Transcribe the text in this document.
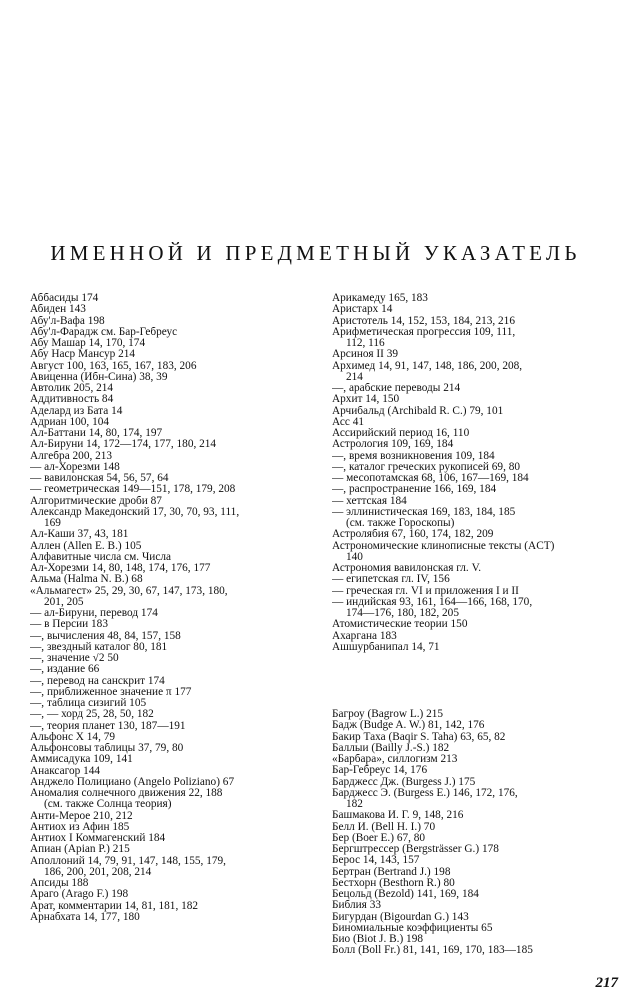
ИМЕННОЙ И ПРЕДМЕТНЫЙ УКАЗАТЕЛЬ
Аббасиды 174
Абиден 143
Абу'л-Вафа 198
Абу'л-Фарадж см. Бар-Гебреус
Абу Машар 14, 170, 174
Абу Наср Мансур 214
Август 100, 163, 165, 167, 183, 206
Авиценна (Ибн-Сина) 38, 39
Автолик 205, 214
Аддитивность 84
Аделард из Бата 14
Адриан 100, 104
Ал-Баттани 14, 80, 174, 197
Ал-Бируни 14, 172—174, 177, 180, 214
Алгебра 200, 213
— ал-Хорезми 148
— вавилонская 54, 56, 57, 64
— геометрическая 149—151, 178, 179, 208
Алгоритмические дроби 87
Александр Македонский 17, 30, 70, 93, 111,
169
Ал-Каши 37, 43, 181
Аллен (Allen E. B.) 105
Алфавитные числа см. Числа
Ал-Хорезми 14, 80, 148, 174, 176, 177
Альма (Halma N. B.) 68
«Альмагест» 25, 29, 30, 67, 147, 173, 180,
201, 205
— ал-Бируни, перевод 174
— в Персии 183
—, вычисления 48, 84, 157, 158
—, звездный каталог 80, 181
—, значение √2 50
—, издание 66
—, перевод на санскрит 174
—, приближенное значение π 177
—, таблица сизигий 105
—, — хорд 25, 28, 50, 182
—, теория планет 130, 187—191
Альфонс X 14, 79
Альфонсовы таблицы 37, 79, 80
Аммисадука 109, 141
Анаксагор 144
Анджело Полициано (Angelo Poliziano) 67
Аномалия солнечного движения 22, 188
(см. также Солнца теория)
Анти-Мерое 210, 212
Антиох из Афин 185
Антиох I Коммагенский 184
Апиан (Apian P.) 215
Аполлоний 14, 79, 91, 147, 148, 155, 179,
186, 200, 201, 208, 214
Апсиды 188
Араго (Arago F.) 198
Арат, комментарии 14, 81, 181, 182
Арнабхата 14, 177, 180
Арикамеду 165, 183
Аристарх 14
Аристотель 14, 152, 153, 184, 213, 216
Арифметическая прогрессия 109, 111,
112, 116
Арсиноя II 39
Архимед 14, 91, 147, 148, 186, 200, 208,
214
—, арабские переводы 214
Архит 14, 150
Арчибальд (Archibald R. C.) 79, 101
Асс 41
Ассирийский период 16, 110
Астрология 109, 169, 184
—, время возникновения 109, 184
—, каталог греческих рукописей 69, 80
— месопотамская 68, 106, 167—169, 184
—, распространение 166, 169, 184
— хеттская 184
— эллинистическая 169, 183, 184, 185
(см. также Гороскопы)
Астролябия 67, 160, 174, 182, 209
Астрономические клинописные тексты (ACT)
140
Астрономия вавилонская гл. V.
— египетская гл. IV, 156
— греческая гл. VI и приложения I и II
— индийская 93, 161, 164—166, 168, 170,
174—176, 180, 182, 205
Атомистические теории 150
Ахаргана 183
Ашшурбанипал 14, 71
Багроу (Bagrow L.) 215
Бадж (Budge A. W.) 81, 142, 176
Бакир Таха (Baqir S. Taha) 63, 65, 82
Баллыи (Bailly J.-S.) 182
«Барбара», силлогизм 213
Бар-Гебреус 14, 176
Барджесс Дж. (Burgess J.) 175
Барджесс Э. (Burgess E.) 146, 172, 176,
182
Башмакова И. Г. 9, 148, 216
Белл И. (Bell H. I.) 70
Бер (Boer E.) 67, 80
Бергштрессер (Bergsträsser G.) 178
Берос 14, 143, 157
Бертран (Bertrand J.) 198
Бестхорн (Besthorn R.) 80
Бецольд (Bezold) 141, 169, 184
Библия 33
Бигурдан (Bigourdan G.) 143
Биномиальные коэффициенты 65
Био (Biot J. B.) 198
Болл (Boll Fr.) 81, 141, 169, 170, 183—185
217
